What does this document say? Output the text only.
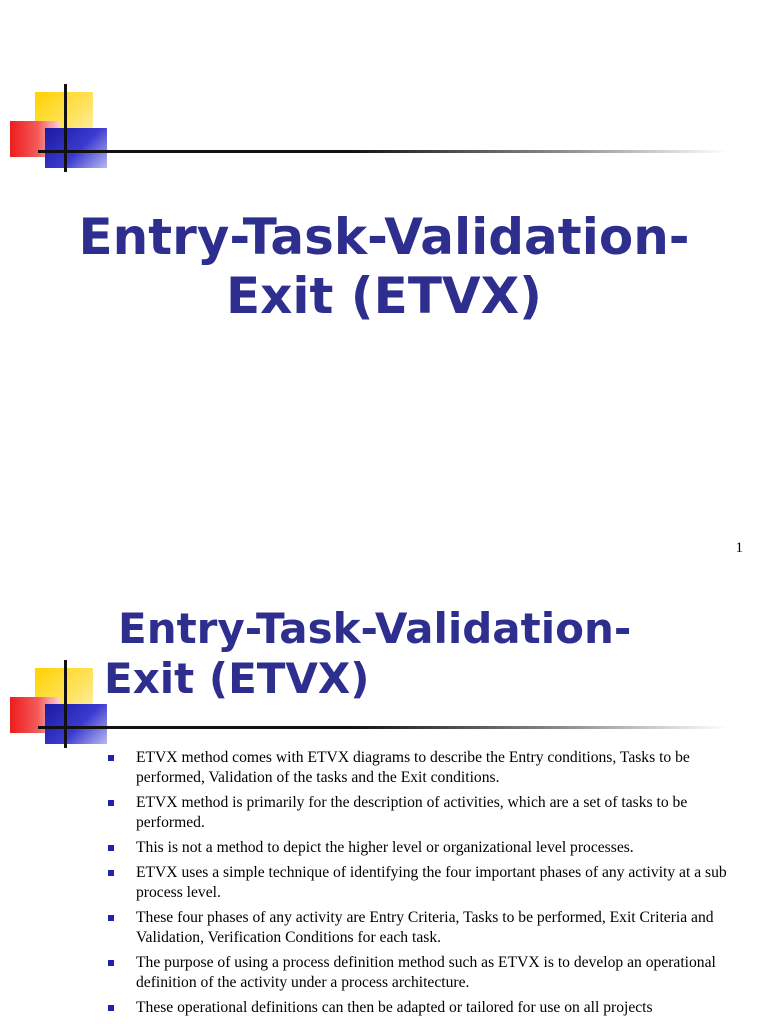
Entry-Task-Validation-
Exit (ETVX)
1
Entry-Task-Validation-
Exit (ETVX)
ETVX method comes with ETVX diagrams to describe the Entry conditions, Tasks to be performed, Validation of the tasks and the Exit conditions.
ETVX method is primarily for the description of activities, which are a set of tasks to be performed.
This is not a method to depict the higher level or organizational level processes.
ETVX uses a simple technique of identifying the four important phases of any activity at a sub process level.
These four phases of any activity are Entry Criteria, Tasks to be performed, Exit Criteria and Validation, Verification Conditions for each task.
The purpose of using a process definition method such as ETVX is to develop an operational definition of the activity under a process architecture.
These operational definitions can then be adapted or tailored for use on all projects
